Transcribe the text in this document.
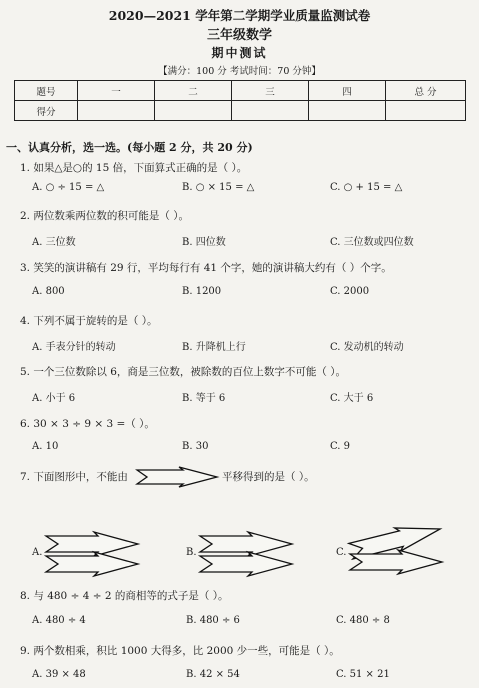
2020—2021 学年第二学期学业质量监测试卷
三年级数学
期中测试
【满分：100 分 考试时间：70 分钟】
题号	一	二	三	四	总 分
得分					
一、认真分析，选一选。(每小题 2 分，共 20 分)
1. 如果△是○的 15 倍，下面算式正确的是（ ）。
A. ○ ÷ 15 = △	B. ○ × 15 = △	C. ○ + 15 = △
2. 两位数乘两位数的积可能是（ ）。
A. 三位数	B. 四位数	C. 三位数或四位数
3. 笑笑的演讲稿有 29 行，平均每行有 41 个字，她的演讲稿大约有（ ）个字。
A. 800	B. 1200	C. 2000
4. 下列不属于旋转的是（ ）。
A. 手表分针的转动	B. 升降机上行	C. 发动机的转动
5. 一个三位数除以 6，商是三位数，被除数的百位上数字不可能（ ）。
A. 小于 6	B. 等于 6	C. 大于 6
6. 30 × 3 ÷ 9 × 3 =（ ）。
A. 10	B. 30	C. 9
7. 下面图形中，不能由	平移得到的是（ ）。
A.	B.	C.
8. 与 480 ÷ 4 ÷ 2 的商相等的式子是（ ）。
A. 480 ÷ 4	B. 480 ÷ 6	C. 480 ÷ 8
9. 两个数相乘，积比 1000 大得多，比 2000 少一些，可能是（ ）。
A. 39 × 48	B. 42 × 54	C. 51 × 21
